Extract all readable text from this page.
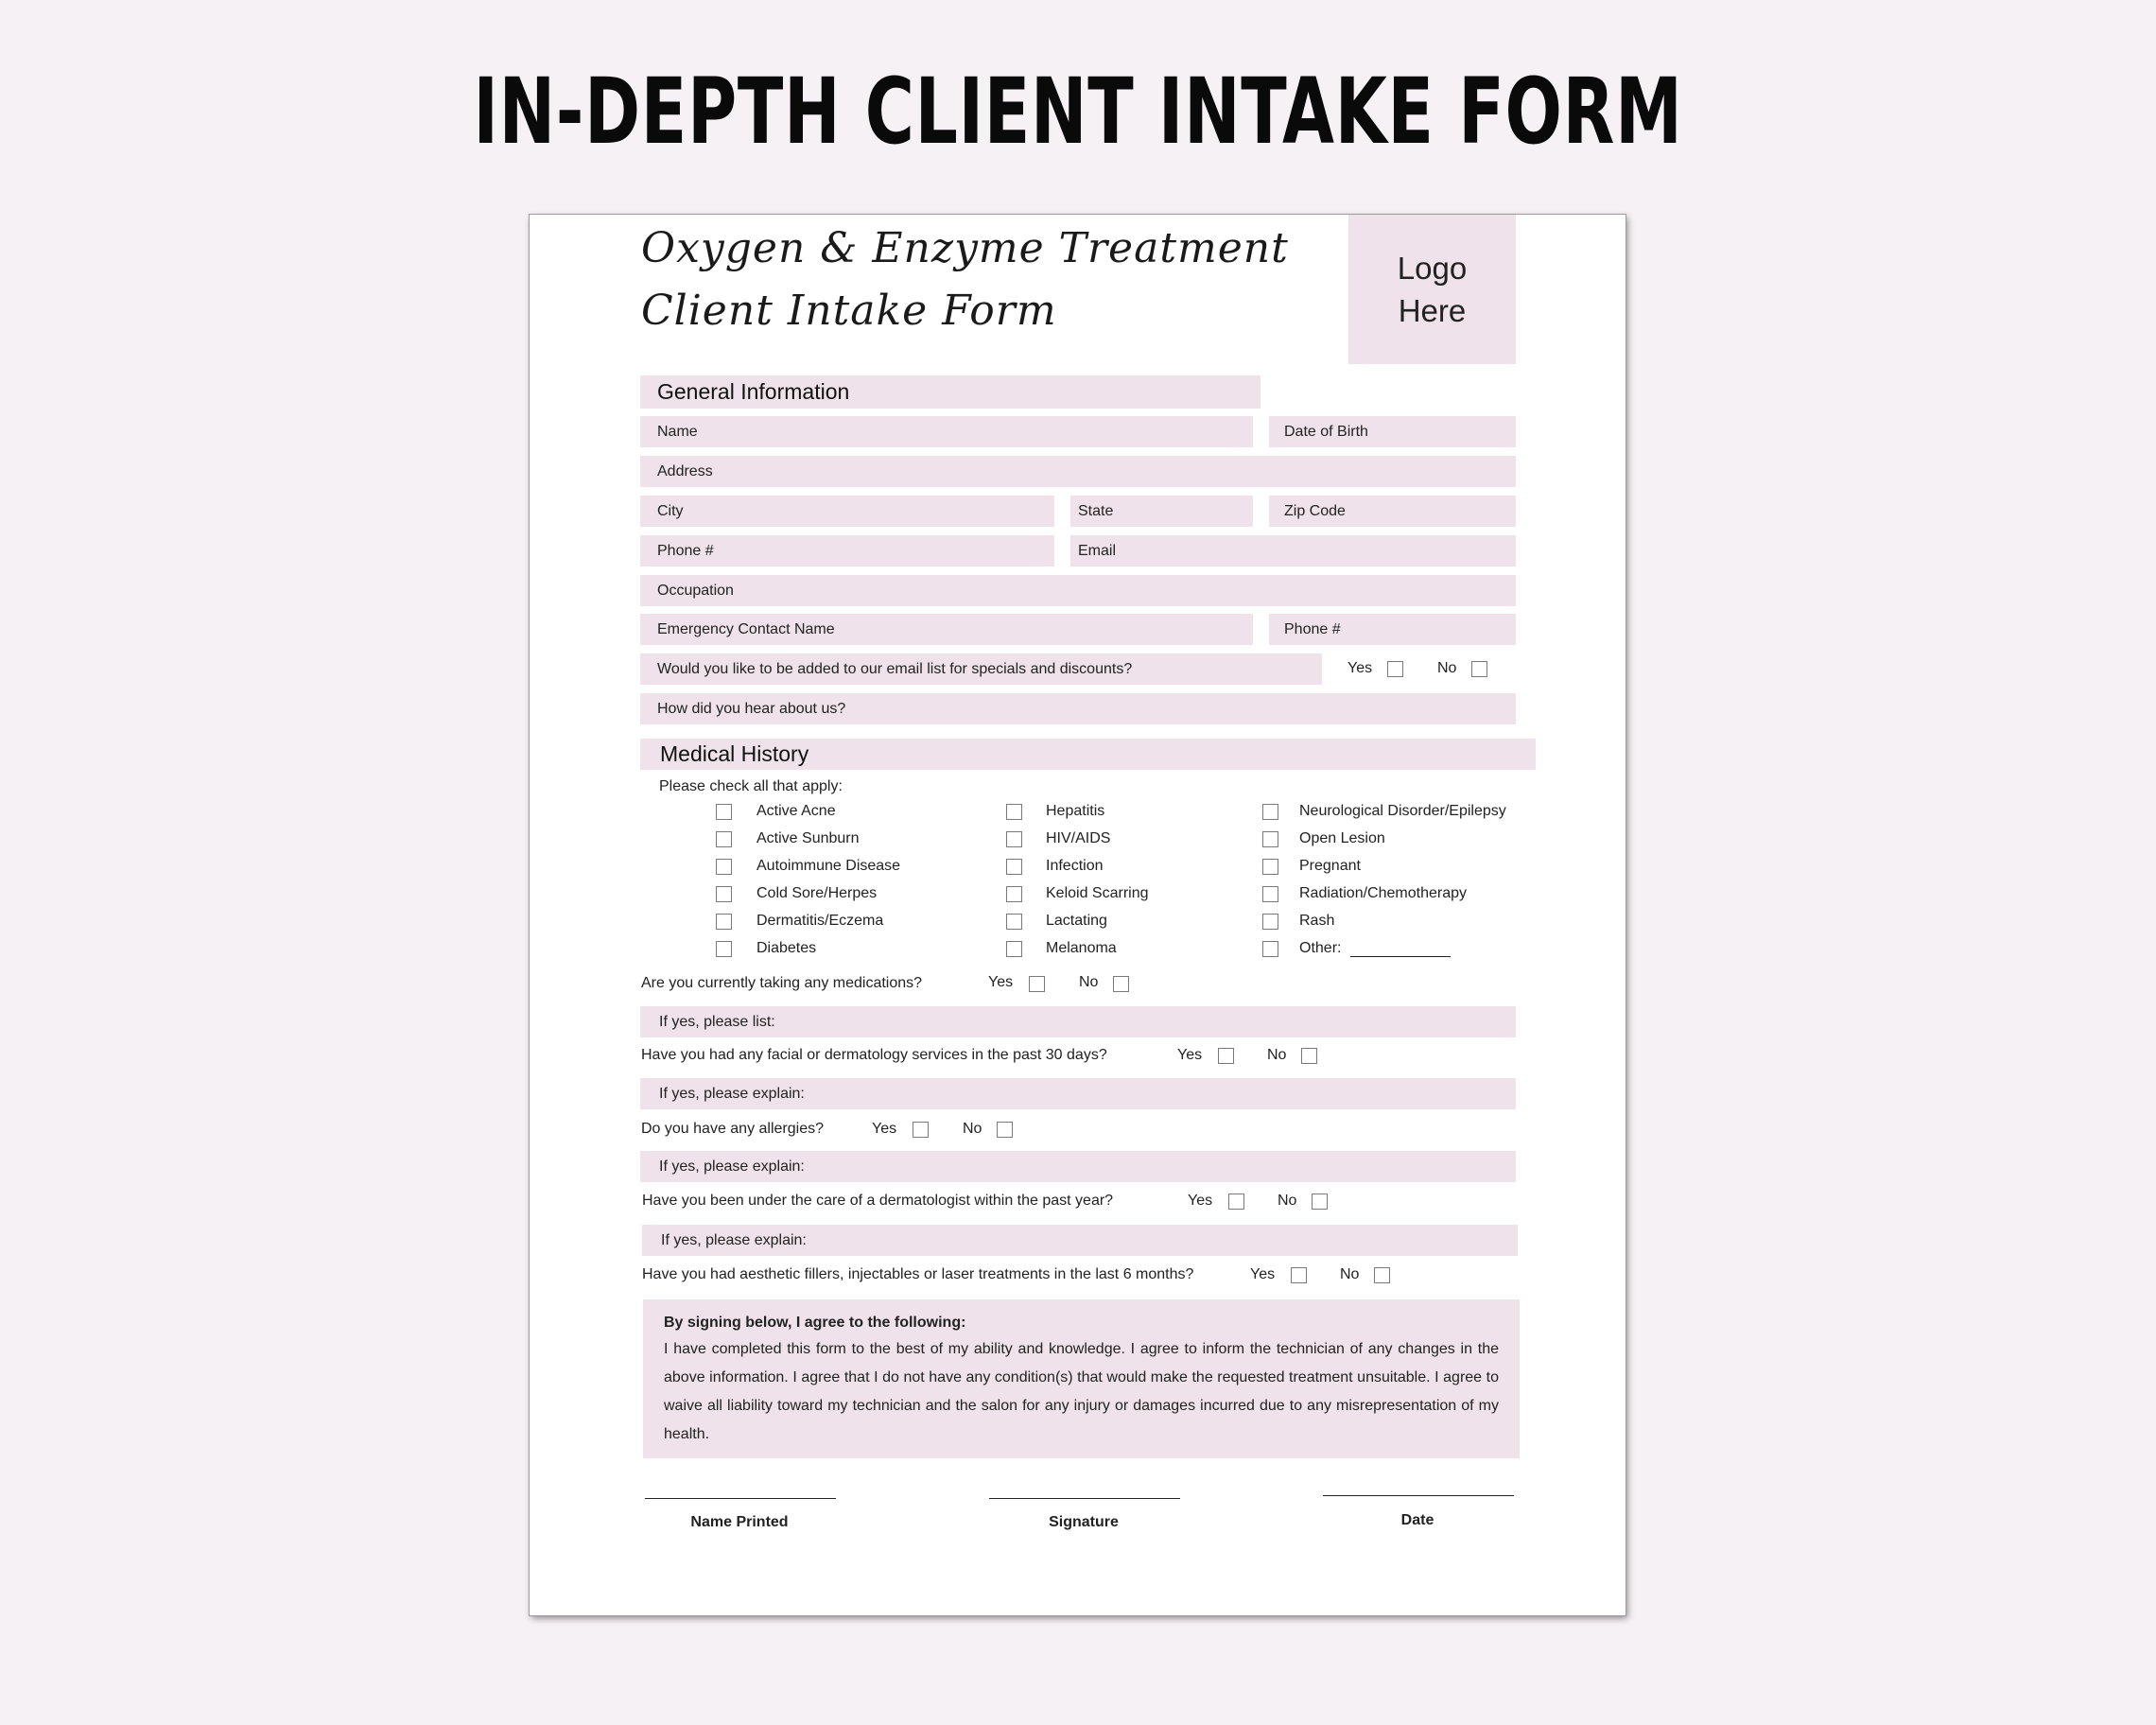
IN-DEPTH CLIENT INTAKE FORM
Oxygen & Enzyme Treatment
Client Intake Form
Logo
Here
General Information
Name	Date of Birth
Address
City	State	Zip Code
Phone #	Email
Occupation
Emergency Contact Name	Phone #
Would you like to be added to our email list for specials and discounts?	Yes	No
How did you hear about us?
Medical History
Please check all that apply:
Active Acne
Active Sunburn
Autoimmune Disease
Cold Sore/Herpes
Dermatitis/Eczema
Diabetes
Hepatitis
HIV/AIDS
Infection
Keloid Scarring
Lactating
Melanoma
Neurological Disorder/Epilepsy
Open Lesion
Pregnant
Radiation/Chemotherapy
Rash
Other:
Are you currently taking any medications?	Yes	No
If yes, please list:
Have you had any facial or dermatology services in the past 30 days?	Yes	No
If yes, please explain:
Do you have any allergies?	Yes	No
If yes, please explain:
Have you been under the care of a dermatologist within the past year?	Yes	No
If yes, please explain:
Have you had aesthetic fillers, injectables or laser treatments in the last 6 months?	Yes	No
By signing below, I agree to the following:
I have completed this form to the best of my ability and knowledge. I agree to inform the technician of any changes in the above information. I agree that I do not have any condition(s) that would make the requested treatment unsuitable. I agree to waive all liability toward my technician and the salon for any injury or damages incurred due to any misrepresentation of my health.
Name Printed	Signature	Date
